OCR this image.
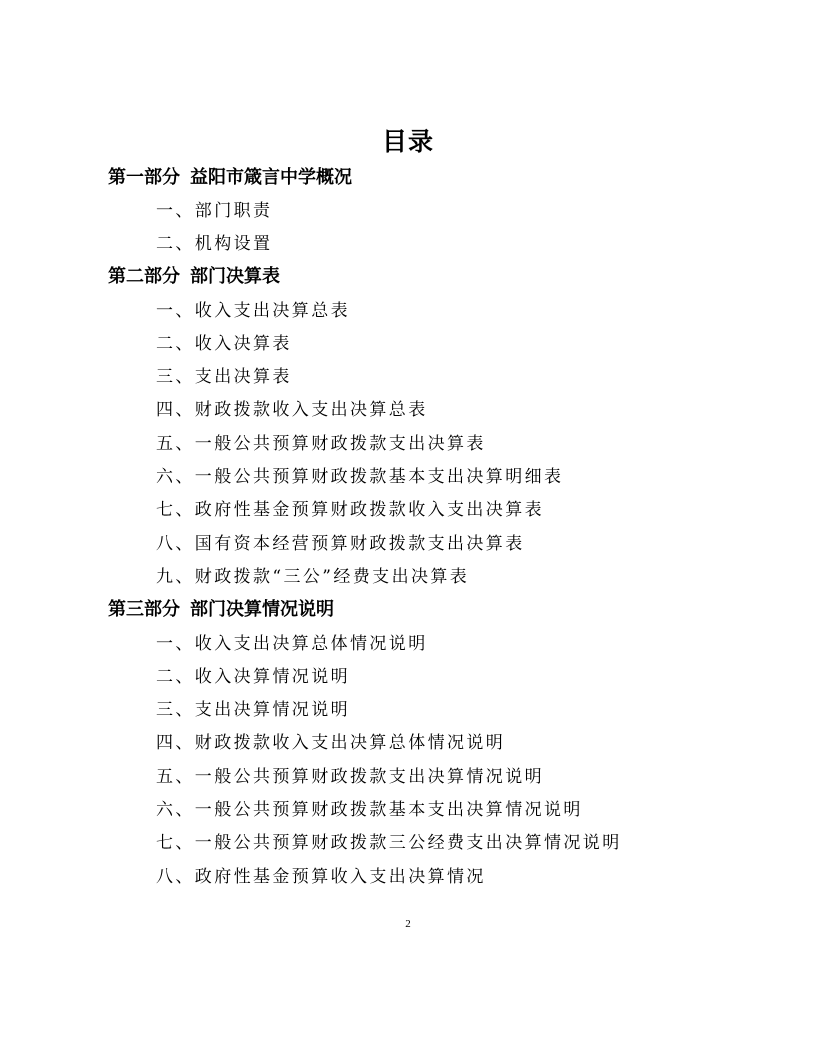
目录
第一部分 益阳市箴言中学概况
一、部门职责
二、机构设置
第二部分 部门决算表
一、收入支出决算总表
二、收入决算表
三、支出决算表
四、财政拨款收入支出决算总表
五、一般公共预算财政拨款支出决算表
六、一般公共预算财政拨款基本支出决算明细表
七、政府性基金预算财政拨款收入支出决算表
八、国有资本经营预算财政拨款支出决算表
九、财政拨款“三公”经费支出决算表
第三部分 部门决算情况说明
一、收入支出决算总体情况说明
二、收入决算情况说明
三、支出决算情况说明
四、财政拨款收入支出决算总体情况说明
五、一般公共预算财政拨款支出决算情况说明
六、一般公共预算财政拨款基本支出决算情况说明
七、一般公共预算财政拨款三公经费支出决算情况说明
八、政府性基金预算收入支出决算情况
2
